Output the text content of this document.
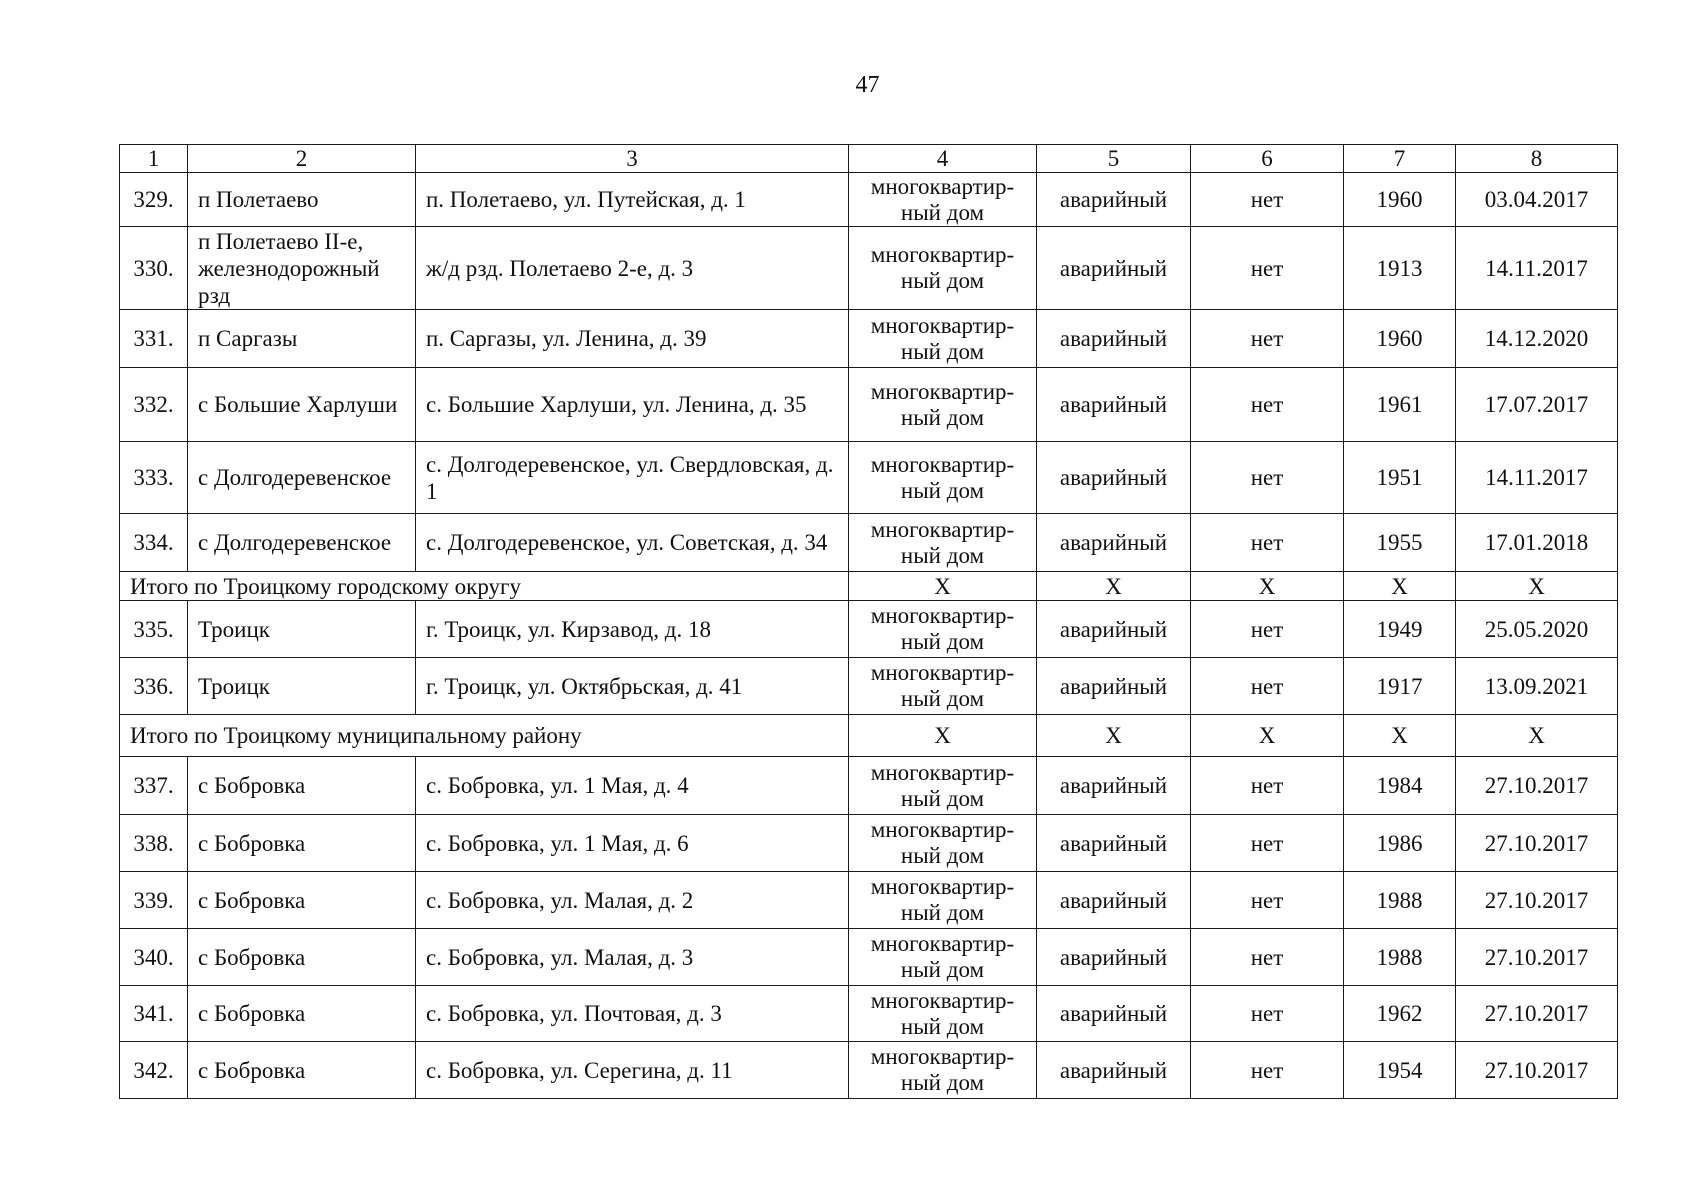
47
1	2	3	4	5	6	7	8
329.	п Полетаево	п. Полетаево, ул. Путейская, д. 1	многоквартир-ный дом	аварийный	нет	1960	03.04.2017
330.	п Полетаево II-е, железнодорожный рзд	ж/д рзд. Полетаево 2-е, д. 3	многоквартир-ный дом	аварийный	нет	1913	14.11.2017
331.	п Саргазы	п. Саргазы, ул. Ленина, д. 39	многоквартир-ный дом	аварийный	нет	1960	14.12.2020
332.	с Большие Харлуши	с. Большие Харлуши, ул. Ленина, д. 35	многоквартир-ный дом	аварийный	нет	1961	17.07.2017
333.	с Долгодеревенское	с. Долгодеревенское, ул. Свердловская, д. 1	многоквартир-ный дом	аварийный	нет	1951	14.11.2017
334.	с Долгодеревенское	с. Долгодеревенское, ул. Советская, д. 34	многоквартир-ный дом	аварийный	нет	1955	17.01.2018
Итого по Троицкому городскому округу			X	X	X	X	X
335.	Троицк	г. Троицк, ул. Кирзавод, д. 18	многоквартир-ный дом	аварийный	нет	1949	25.05.2020
336.	Троицк	г. Троицк, ул. Октябрьская, д. 41	многоквартир-ный дом	аварийный	нет	1917	13.09.2021
Итого по Троицкому муниципальному району			X	X	X	X	X
337.	с Бобровка	с. Бобровка, ул. 1 Мая, д. 4	многоквартир-ный дом	аварийный	нет	1984	27.10.2017
338.	с Бобровка	с. Бобровка, ул. 1 Мая, д. 6	многоквартир-ный дом	аварийный	нет	1986	27.10.2017
339.	с Бобровка	с. Бобровка, ул. Малая, д. 2	многоквартир-ный дом	аварийный	нет	1988	27.10.2017
340.	с Бобровка	с. Бобровка, ул. Малая, д. 3	многоквартир-ный дом	аварийный	нет	1988	27.10.2017
341.	с Бобровка	с. Бобровка, ул. Почтовая, д. 3	многоквартир-ный дом	аварийный	нет	1962	27.10.2017
342.	с Бобровка	с. Бобровка, ул. Серегина, д. 11	многоквартир-ный дом	аварийный	нет	1954	27.10.2017
